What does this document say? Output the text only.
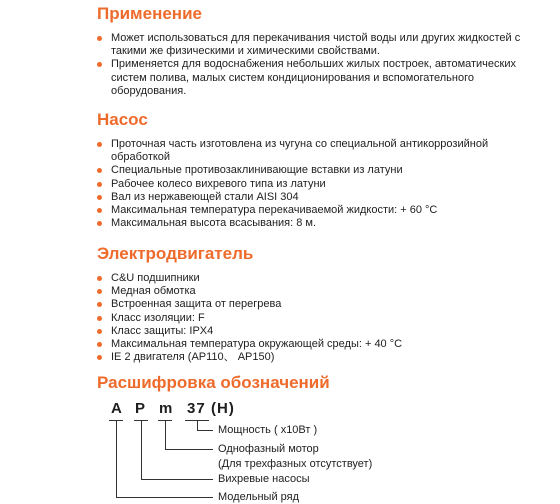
Применение
Может использоваться для перекачивания чистой воды или других жидкостей с такими же физическими и химическими свойствами.
Применяется для водоснабжения небольших жилых построек, автоматических систем полива, малых систем кондиционирования и вспомогательного оборудования.
Насос
Проточная часть изготовлена из чугуна со специальной антикоррозийной обработкой
Специальные противозаклинивающие вставки из латуни
Рабочее колесо вихревого типа из латуни
Вал из нержавеющей стали AISI 304
Максимальная температура перекачиваемой жидкости: + 60 °C
Максимальная высота всасывания: 8 м.
Электродвигатель
C&U подшипники
Медная обмотка
Встроенная защита от перегрева
Класс изоляции: F
Класс защиты: IPX4
Максимальная температура окружающей среды: + 40 °C
IE 2 двигателя (AP110、 AP150)
Расшифровка обозначений
A P m 37 (H)
Мощность ( x10Вт )
Однофазный мотор
(Для трехфазных отсутствует)
Вихревые насосы
Модельный ряд
